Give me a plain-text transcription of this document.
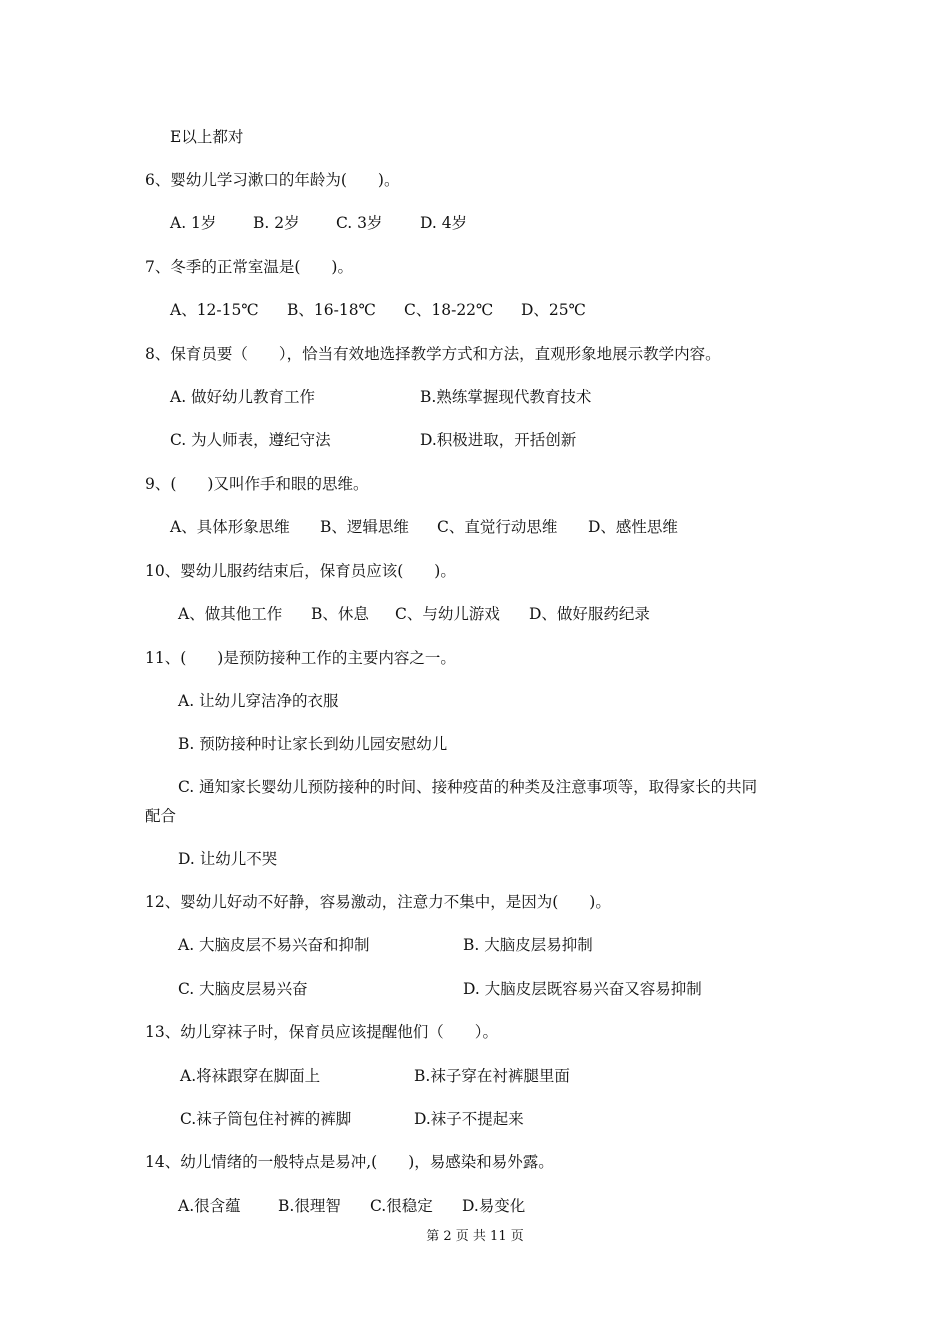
E以上都对
6、婴幼儿学习漱口的年龄为(　　)。
A. 1岁 B. 2岁 C. 3岁 D. 4岁
7、冬季的正常室温是(　　)。
A、12-15℃ B、16-18℃ C、18-22℃ D、25℃
8、保育员要（　　），恰当有效地选择教学方式和方法，直观形象地展示教学内容。
A. 做好幼儿教育工作	B.熟练掌握现代教育技术
C. 为人师表，遵纪守法	D.积极进取，开括创新
9、(　　)又叫作手和眼的思维。
A、具体形象思维 B、逻辑思维 C、直觉行动思维 D、感性思维
10、婴幼儿服药结束后，保育员应该(　　)。
A、做其他工作 B、休息 C、与幼儿游戏 D、做好服药纪录
11、(　　)是预防接种工作的主要内容之一。
A. 让幼儿穿洁净的衣服
B. 预防接种时让家长到幼儿园安慰幼儿
C. 通知家长婴幼儿预防接种的时间、接种疫苗的种类及注意事项等，取得家长的共同
配合
D. 让幼儿不哭
12、婴幼儿好动不好静，容易激动，注意力不集中，是因为(　　)。
A. 大脑皮层不易兴奋和抑制	B. 大脑皮层易抑制
C. 大脑皮层易兴奋	D. 大脑皮层既容易兴奋又容易抑制
13、幼儿穿袜子时，保育员应该提醒他们（　　）。
A.将袜跟穿在脚面上	B.袜子穿在衬裤腿里面
C.袜子筒包住衬裤的裤脚	D.袜子不提起来
14、幼儿情绪的一般特点是易冲,(　　)，易感染和易外露。
A.很含蕴 B.很理智 C.很稳定 D.易变化
第 2 页 共 11 页
